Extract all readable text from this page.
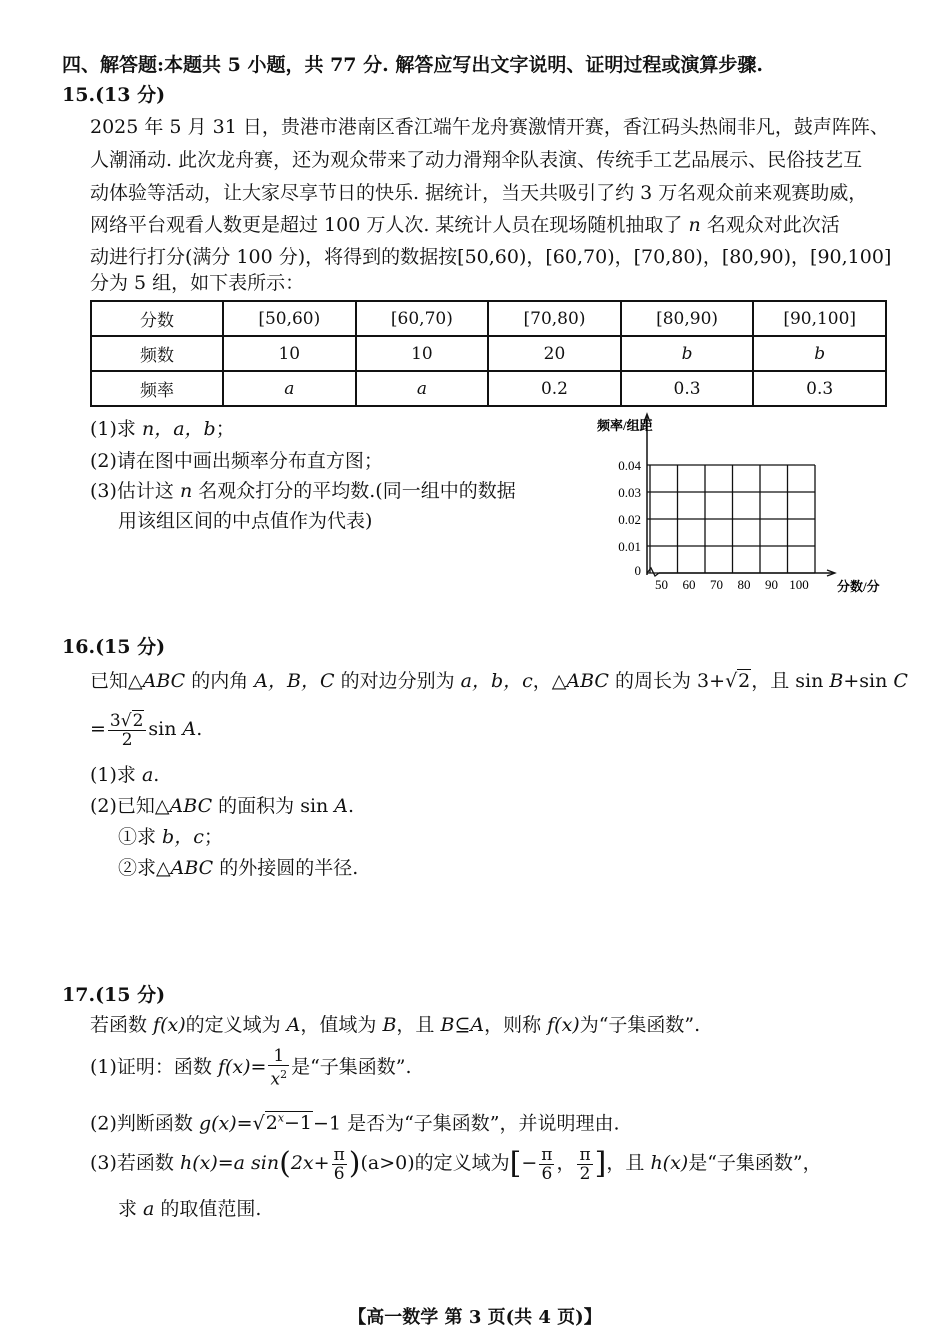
四、解答题:本题共 5 小题，共 77 分. 解答应写出文字说明、证明过程或演算步骤.
15.(13 分)
2025 年 5 月 31 日，贵港市港南区香江端午龙舟赛激情开赛，香江码头热闹非凡，鼓声阵阵、
人潮涌动. 此次龙舟赛，还为观众带来了动力滑翔伞队表演、传统手工艺品展示、民俗技艺互
动体验等活动，让大家尽享节日的快乐. 据统计，当天共吸引了约 3 万名观众前来观赛助威，
网络平台观看人数更是超过 100 万人次. 某统计人员在现场随机抽取了 n 名观众对此次活
动进行打分(满分 100 分)，将得到的数据按[50,60)，[60,70)，[70,80)，[80,90)，[90,100]
分为 5 组，如下表所示：
分数	[50,60)	[60,70)	[70,80)	[80,90)	[90,100]
频数	10	10	20	b	b
频率	a	a	0.2	0.3	0.3
(1)求 n，a，b；
(2)请在图中画出频率分布直方图；
(3)估计这 n 名观众打分的平均数.(同一组中的数据
用该组区间的中点值作为代表)
0
0.01
0.02
0.03
0.04
50 60 70 80 90 100
频率/组距
分数/分
16.(15 分)
已知△ABC 的内角 A，B，C 的对边分别为 a，b，c，△ABC 的周长为 3+√2，且 sin B+sin C
= $\frac{3√2}{2}$ sin A.
(1)求 a.
(2)已知△ABC 的面积为 sin A.
①求 b，c；
②求△ABC 的外接圆的半径.
17.(15 分)
若函数 f(x)的定义域为 A，值域为 B，且 B⊆A，则称 f(x)为“子集函数”.
(1)证明：函数 $f(x)= \frac{1}{x^2}$ 是“子集函数”.
(2)判断函数 $g(x)=√2^x-1-1$ 是否为“子集函数”，并说明理由.
(3)若函数 h(x)=a $\sin(2x+ \frac{\pi}{6} )(a>0)$的定义域为[− $\frac{\pi}{6}$ ， $\frac{\pi}{2}$ ]，且 h(x)是“子集函数”，
求 a 的取值范围.
【高一数学 第 3 页(共 4 页)】
